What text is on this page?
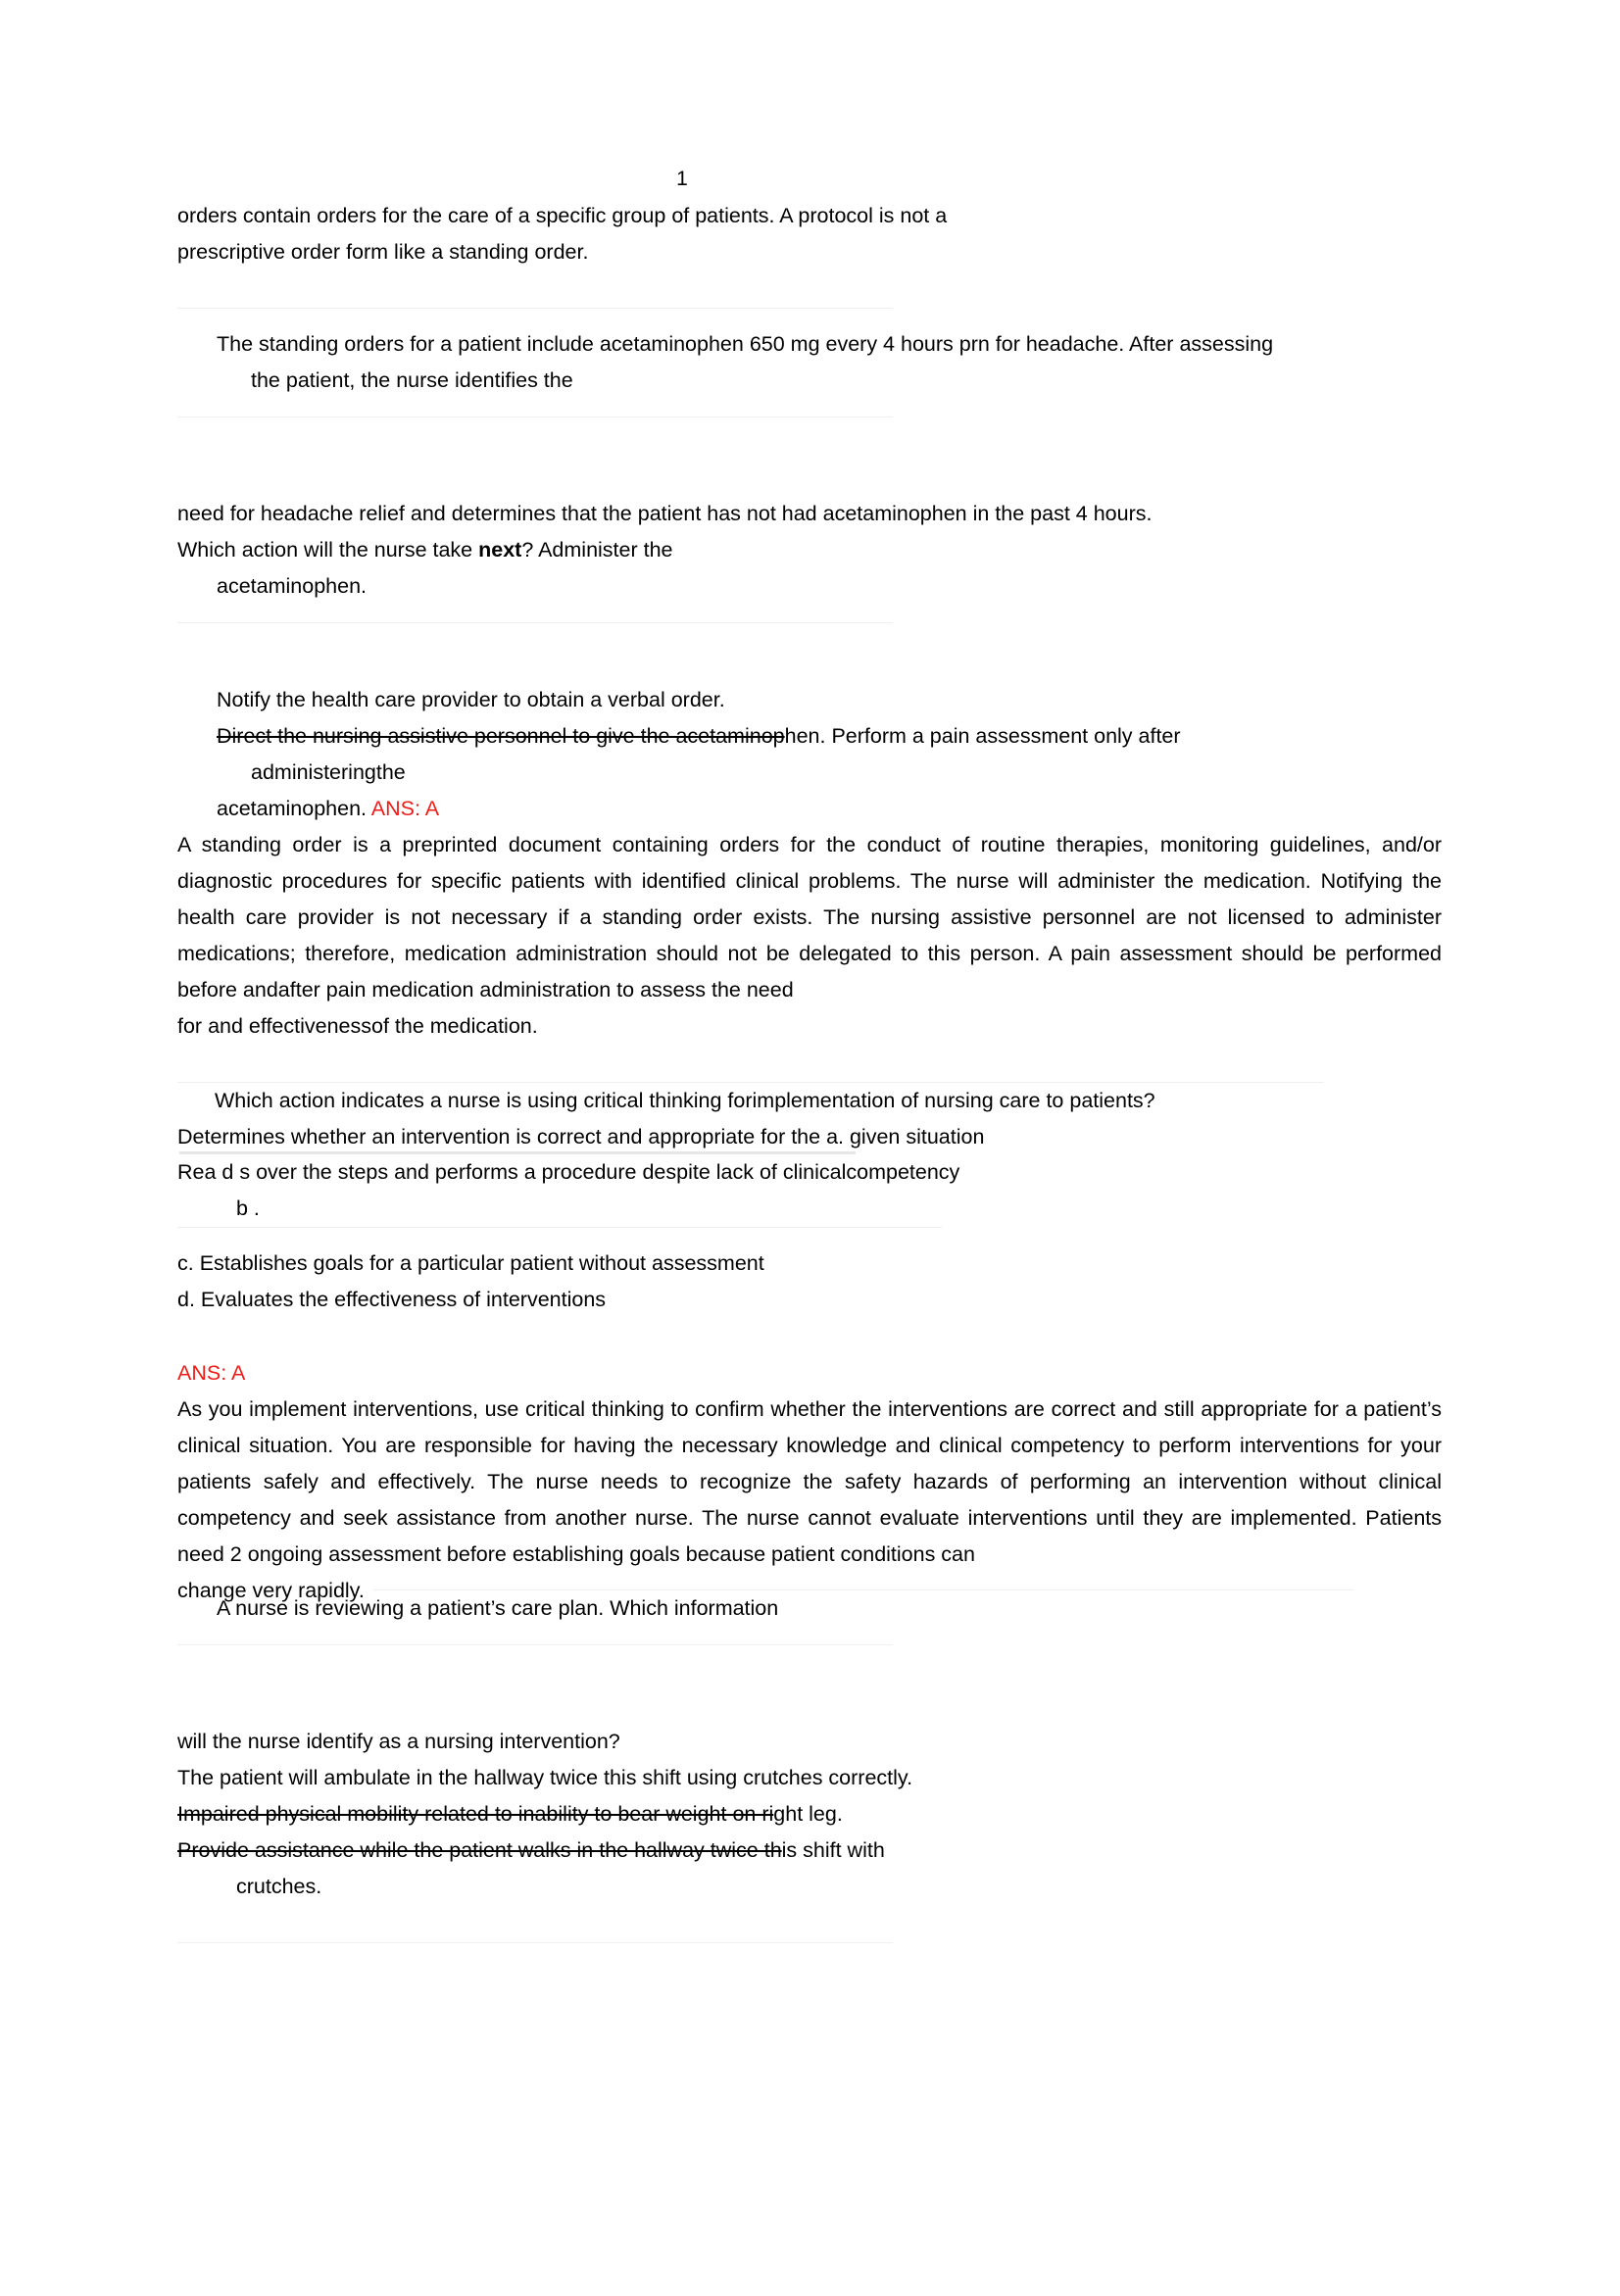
1

orders contain orders for the care of a specific group of patients. A protocol is not a

prescriptive order form like a standing order.

The standing orders for a patient include acetaminophen 650 mg every 4 hours prn for headache. After assessing

the patient, the nurse identifies the

need for headache relief and determines that the patient has not had acetaminophen in the past 4 hours.

Which action will the nurse take next? Administer the

acetaminophen.

Notify the health care provider to obtain a verbal order.

Direct the nursing assistive personnel to give the acetaminophen. Perform a pain assessment only after

administeringthe

acetaminophen. ANS: A

A standing order is a preprinted document containing orders for the conduct of routine therapies, monitoring guidelines, and/or diagnostic procedures for specific patients with identified clinical problems. The nurse will administer the medication. Notifying the health care provider is not necessary if a standing order exists. The nursing assistive personnel are not licensed to administer medications; therefore, medication administration should not be delegated to this person. A pain assessment should be performed before andafter pain medication administration to assess the need

for and effectivenessof the medication.

Which action indicates a nurse is using critical thinking forimplementation of nursing care to patients?

Determines whether an intervention is correct and appropriate for the a. given situation

Rea d s over the steps and performs a procedure despite lack of clinicalcompetency

b .

c. Establishes goals for a particular patient without assessment

d. Evaluates the effectiveness of interventions

ANS: A

As you implement interventions, use critical thinking to confirm whether the interventions are correct and still appropriate for a patient’s clinical situation. You are responsible for having the necessary knowledge and clinical competency to perform interventions for your patients safely and effectively. The nurse needs to recognize the safety hazards of performing an intervention without clinical competency and seek assistance from another nurse. The nurse cannot evaluate interventions until they are implemented. Patients need 2 ongoing assessment before establishing goals because patient conditions can

change very rapidly.

A nurse is reviewing a patient’s care plan. Which information

will the nurse identify as a nursing intervention?

The patient will ambulate in the hallway twice this shift using crutches correctly.

Impaired physical mobility related to inability to bear weight on right leg.

Provide assistance while the patient walks in the hallway twice this shift with

crutches.
